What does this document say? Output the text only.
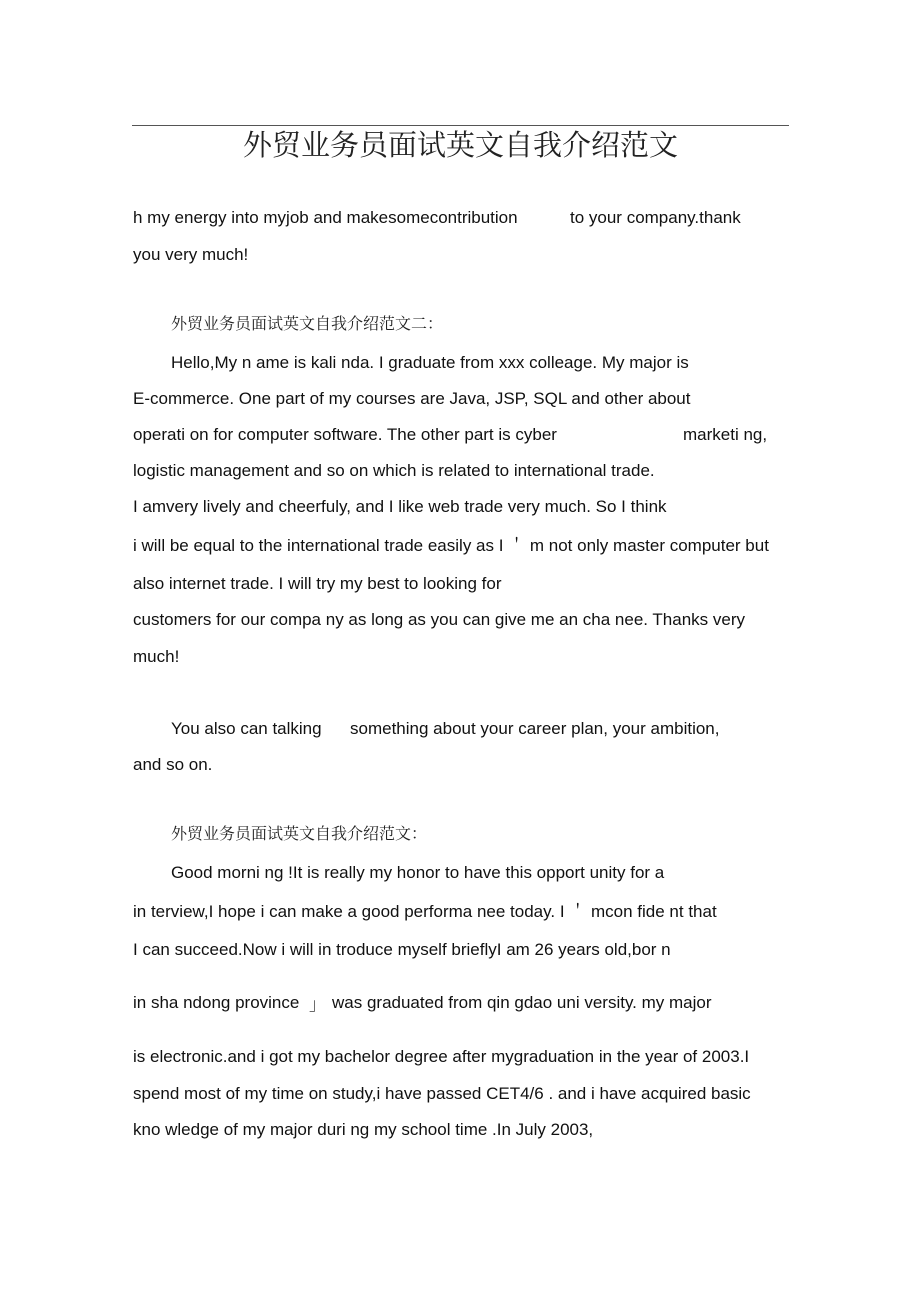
外贸业务员面试英文自我介绍范文

h my energy into myjob and makesomecontribution

	to your company.thank

you very much!
外贸业务员面试英文自我介绍范文二：
Hello,My n ame is kali nda. I graduate from xxx colleage. My major is
E-commerce. One part of my courses are Java, JSP, SQL and other about

operati on for computer software. The other part is cyber

	marketi ng,

logistic management and so on which is related to international trade.
I amvery lively and cheerfuly, and I like web trade very much. So I think
i will be equal to the international trade easily as I ＇ m not only master computer but
also internet trade. I will try my best to looking for
customers for our compa ny as long as you can give me an cha nee. Thanks very
much!

You also can talking

something about your career plan, your ambition,

and so on.
外贸业务员面试英文自我介绍范文：
Good morni ng !It is really my honor to have this opport unity for a
in terview,I hope i can make a good performa nee today. I ＇ mcon fide nt that
I can succeed.Now i will in troduce myself brieflyI am 26 years old,bor n

in sha ndong province

」

was graduated from qin gdao uni versity. my major

is electronic.and i got my bachelor degree after mygraduation in the year of 2003.I
spend most of my time on study,i have passed CET4/6 . and i have acquired basic
kno wledge of my major duri ng my school time .In July 2003,
